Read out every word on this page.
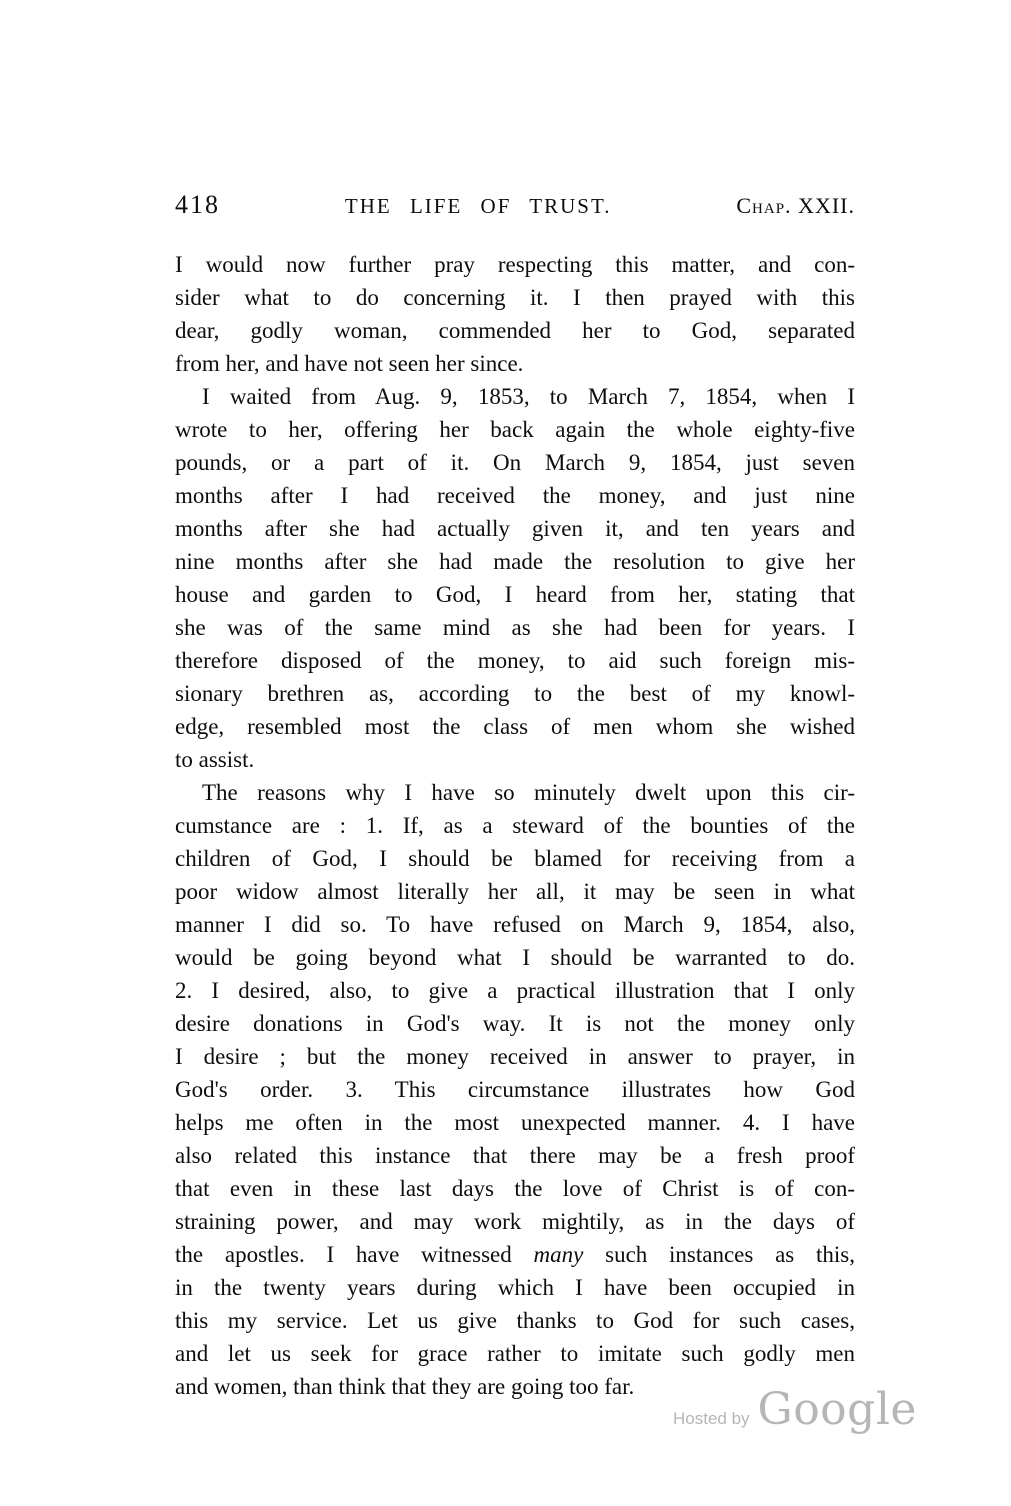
418	THE LIFE OF TRUST.	Chap. XXII.
I would now further pray respecting this matter, and con-
sider what to do concerning it. I then prayed with this
dear, godly woman, commended her to God, separated
from her, and have not seen her since.
I waited from Aug. 9, 1853, to March 7, 1854, when I
wrote to her, offering her back again the whole eighty-five
pounds, or a part of it. On March 9, 1854, just seven
months after I had received the money, and just nine
months after she had actually given it, and ten years and
nine months after she had made the resolution to give her
house and garden to God, I heard from her, stating that
she was of the same mind as she had been for years. I
therefore disposed of the money, to aid such foreign mis-
sionary brethren as, according to the best of my knowl-
edge, resembled most the class of men whom she wished
to assist.
The reasons why I have so minutely dwelt upon this cir-
cumstance are : 1. If, as a steward of the bounties of the
children of God, I should be blamed for receiving from a
poor widow almost literally her all, it may be seen in what
manner I did so. To have refused on March 9, 1854, also,
would be going beyond what I should be warranted to do.
2. I desired, also, to give a practical illustration that I only
desire donations in God's way. It is not the money only
I desire ; but the money received in answer to prayer, in
God's order. 3. This circumstance illustrates how God
helps me often in the most unexpected manner. 4. I have
also related this instance that there may be a fresh proof
that even in these last days the love of Christ is of con-
straining power, and may work mightily, as in the days of
the apostles. I have witnessed many such instances as this,
in the twenty years during which I have been occupied in
this my service. Let us give thanks to God for such cases,
and let us seek for grace rather to imitate such godly men
and women, than think that they are going too far.
Hosted by Google
